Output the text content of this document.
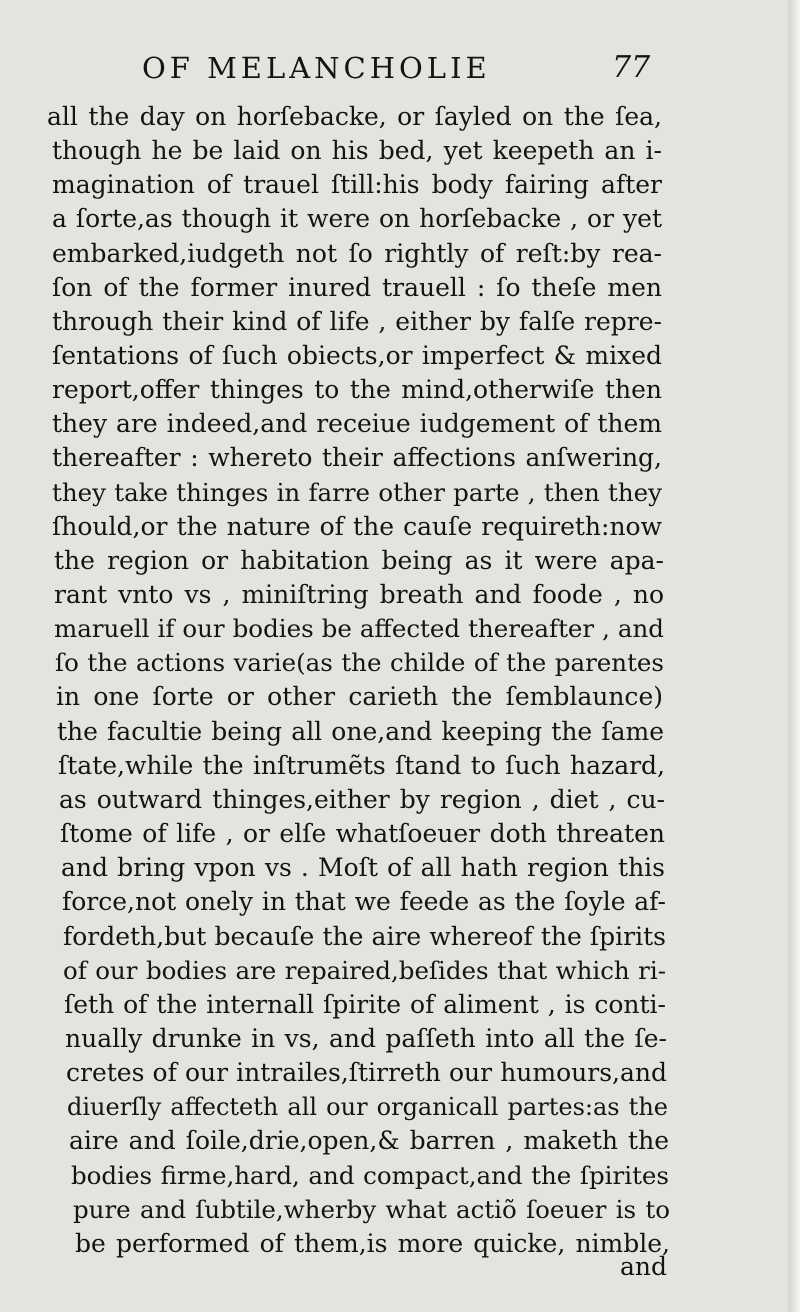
OF MELANCHOLIE	77
all the day on horſebacke, or ſayled on the ſea,
though he be laid on his bed, yet keepeth an i-
magination of trauel ſtill:his body fairing after
a ſorte,as though it were on horſebacke , or yet
embarked,iudgeth not ſo rightly of reſt:by rea-
ſon of the former inured trauell : ſo theſe men
through their kind of life , either by falſe repre-
ſentations of ſuch obiects,or imperfect & mixed
report,offer thinges to the mind,otherwiſe then
they are indeed,and receiue iudgement of them
thereafter : whereto their affections anſwering,
they take thinges in farre other parte , then they
ſhould,or the nature of the cauſe requireth:now
the region or habitation being as it were apa-
rant vnto vs , miniſtring breath and foode , no
maruell if our bodies be affected thereafter , and
ſo the actions varie(as the childe of the parentes
in one ſorte or other carieth the ſemblaunce)
the facultie being all one,and keeping the ſame
ſtate,while the inſtrumẽts ſtand to ſuch hazard,
as outward thinges,either by region , diet , cu-
ſtome of life , or elſe whatſoeuer doth threaten
and bring vpon vs . Moſt of all hath region this
force,not onely in that we feede as the ſoyle af-
fordeth,but becauſe the aire whereof the ſpirits
of our bodies are repaired,beſides that which ri-
ſeth of the internall ſpirite of aliment , is conti-
nually drunke in vs, and paſſeth into all the ſe-
cretes of our intrailes,ſtirreth our humours,and
diuerſly affecteth all our organicall partes:as the
aire and ſoile,drie,open,& barren , maketh the
bodies firme,hard, and compact,and the ſpirites
pure and ſubtile,wherby what actiõ ſoeuer is to
be performed of them,is more quicke, nimble,
and
